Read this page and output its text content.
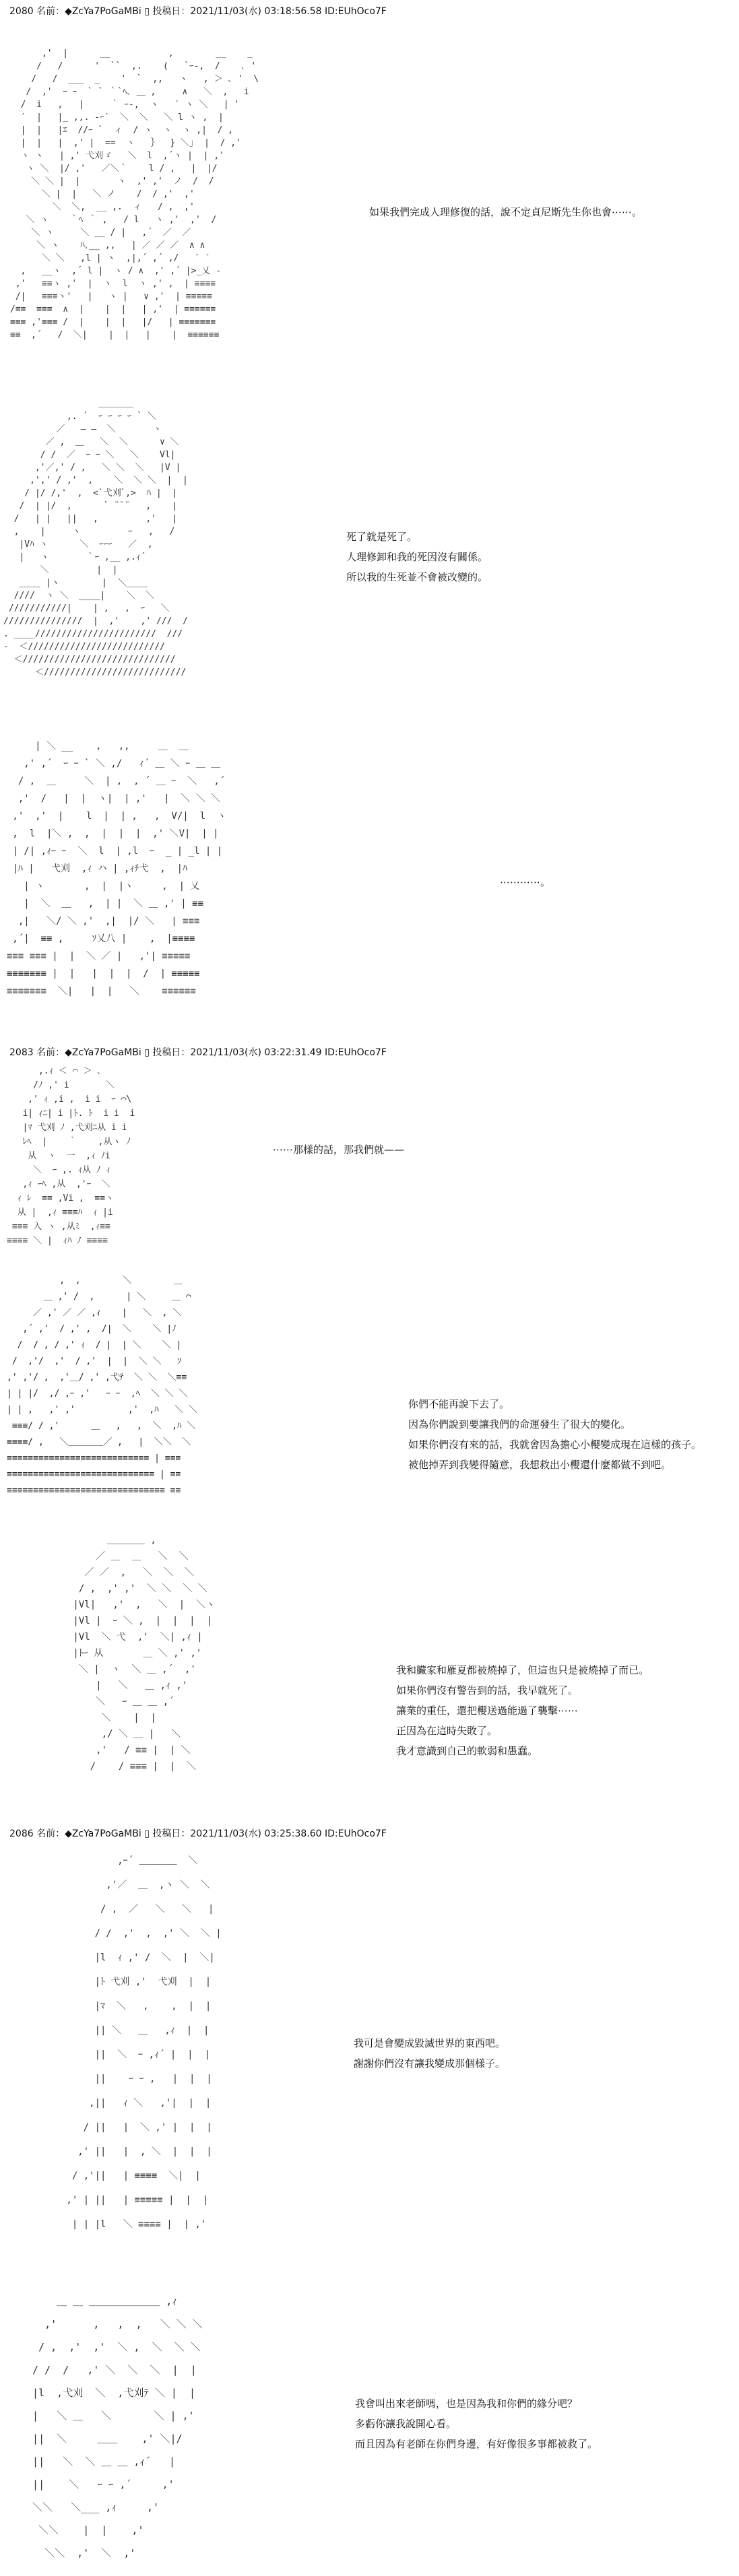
2080 名前：◆ZcYa7PoGaMBi ▯ 投稿日：2021/11/03(水) 03:18:56.58 ID:EUhOco7F
,'  |      __           ,        __    _
/   /      '  ``  ,.    (   `ｰ-,  /    ､ '
/   /  ___  _    '  `  ,,   ヽ   , ＞ ､ '  \
/  ,'  ｰ ｰ  ` ` ｀`ﾍ､ ＿ ,     ∧   ＼  ,   i
/  i   ,   |     ｀ ｰ-,  ヽ   ′ ヽ ＼   | '
′  |   |_ ,,. -ｰ′  ＼  ＼   ＼ l ヽ ,  |
|  |   |ｴ  //ｰ `  ィ  / ヽ  ヽ  ヽ ,|  / ,
|  |   |  ,' |  ==  ヽ   ｝  } ＼｣  |  / ,'
ヽ ヽ   | ,' 弋刈ゞ   ＼  l  ,´ヽ |  | ,'
ヽ ＼  |/ ,'   ／＼｀    l / ,   |  |/
＼ ＼ |  |       ヽ  ,' ,'  ノ  /  /
＼ |  |   ＼ ノ    /  / ,'  ,'
＼  ＼,  __ ,.  ィ   / ,  ,'
＼ ヽ    ｀ﾍ ｀ ,   / l   ヽ ,'  ,'  /
＼ ヽ     ＼ __ / |   ,´  ／  ／
＼ ヽ    ﾊ､__ ,,   | ／ ／ ／  ∧ ∧
＼ ＼   ,l | ヽ  ,|,´ ,´ ,/   ′ ′
,   __ヽ  ,´ l |  ヽ / ∧  ,' ,´ |>_乂 -
,'   ≡≡ヽ ,'  |  ヽ  l  ヽ ,' ,  | ≡≡≡≡
/|   ≡≡≡ヽ'   |   ヽ |   ∨ ,'  | ≡≡≡≡≡
/≡≡  ≡≡≡  ∧  |    |  |   | ,'  | ≡≡≡≡≡≡
≡≡≡ ,'≡≡≡ /  |    |  |   |/   | ≡≡≡≡≡≡≡
≡≡  ,´   /  ＼|    |  |   |    |  ≡≡≡≡≡≡
如果我們完成人理修復的話，說不定貞尼斯先生你也會⋯⋯。
＿＿＿＿
,. ´  ｰ ｰ ｰ ｰ ` ＼
／   ― ―  ＼       ヽ
／ ,  ＿   ＼  ＼      ∨ ＼
/ /  ／  ｰ ｰ ＼   ＼    Vl|
,'／,' / ,   ＼ ＼  ＼   |V |
,',' / ,'  ,    ＼  ＼ ＼  |  |
/ |/ /,'  ,  <`弋刈ﾞ,>  ﾊ |  |
/  | |/  ,      ` ¨¨¨   ,    |
/   | |   ||   ,         ,'   |
,    |     ヽ         ｰ   ,   /
|Vﾊ ヽ      ＼  ｰｰｰ   ／  ,
|   ヽ       ｀ｰ ,__ ,.ｨ´
＼         |  |
____ |ヽ        |  ＼____
////  ヽ ＼  ____|    ＼  ＼
///////////|    | ,   ,  ｰ   ＼
///////////////  |  ,'    ,' ///  /
. ____///////////////////////  ///
-  ＜//////////////////////////
＜/////////////////////////////
＜///////////////////////////
死了就是死了。
人理修卸和我的死因沒有關係。
所以我的生死並不會被改變的。
| ＼ __    ,   ,,     ＿  ＿
,' ,´  ｰ ｰ ` ＼ ,/   ｨ´ ＿ ＼ ｰ ＿ ＿
/ ,  ＿     ＼  | ,  , ´ ＿ ｰ  ＼   ,´
,'  /   |  |  ヽ|  | ,'   |  ＼ ＼ ＼
,'  ,'  |    l  |  | ,   ,  V/|  l  ヽ
,  l  |＼ ,  ,  |  |  |  ,' ＼V|  | |
| /| ,ｨｰ ｰ  ＼  l  | ,l  ｰ  _ | _l | |
|ﾊ |   弋刈  ,ｨ ハ | ,ｨﾁ弋  ,  |ﾊ
| ヽ       ,  |  |ヽ     ,  | 乂
|  ＼  ＿   ,  | |  ＼ ＿ ,' | ≡≡
,|   ＼/ ＼ ,'  ,|  |/ ＼   | ≡≡≡
,´|  ≡≡ ,     ｿ乂八 |    ,  |≡≡≡≡
≡≡≡ ≡≡≡ |  |  ＼ ／ |   ,'| ≡≡≡≡≡
≡≡≡≡≡≡≡ |  |   |  |  |  /  | ≡≡≡≡≡
≡≡≡≡≡≡≡  ＼|   |  |   ＼    ≡≡≡≡≡≡
⋯⋯⋯⋯。
2083 名前：◆ZcYa7PoGaMBi ▯ 投稿日：2021/11/03(水) 03:22:31.49 ID:EUhOco7F
,.ｨ ＜ ⌒ ＞ ､
/ﾉ ,' i       ＼
,' ｨ ,i ,  i i  ｰ ⌒\
i| ｨﾆ| i |ﾄ. ﾄ  i i  i
|ﾏ 弋刈 ﾉ ,弋刈ﾆ从 i i
ﾚﾍ  |    ｀    ,从ヽ ﾉ
从  ヽ  一  ,ｨ ﾉi
＼  ｰ ,. ｨ从 ﾉ ｨ
,ｨ ｰﾍ ,从  ,'ｰ  ＼
ｨ ﾚ  ≡≡ ,Vi ,  ≡≡ヽ
从 |  ,ｨ ≡≡≡ﾊ  ｨ |i
≡≡≡ 入 ヽ ,从ﾐ  ,ｨ≡≡
≡≡≡≡ ＼ |  ｨﾊ ﾉ ≡≡≡≡
⋯⋯那樣的話，那我們就——
,  ,        ＼        ＿
＿ ,' /  ,      | ＼     ＿ ⌒
／ ,' ／ ／ ,ｨ    |   ＼  , ＼
,´ ,'  / ,' ,  /|  ＼    ＼ |ﾉ
/  / , / ,' ｨ  / |  | ＼    ＼ |
/  ,'/  ,'  / ,'  |  |  ＼ ＼   ｿ
,' ,'/ ,  ,'＿/ ,' ,弋ﾃ  ＼ ＼  ＼≡≡
| | |/  ,/ ,ｰ ,'   ｰ ｰ  ,ﾍ  ＼ ＼ ＼
| | ,   ,' ,'          ,'  ,ﾊ   ＼ ＼
≡≡≡/ / ,'      ＿   ,   ,  ＼  ,ﾊ ＼
≡≡≡≡/ ,   ＼＿＿＿＿／ ,   |  ＼＼  ＼
≡≡≡≡≡≡≡≡≡≡≡≡≡≡≡≡≡≡≡≡≡≡≡≡≡≡≡ | ≡≡≡
≡≡≡≡≡≡≡≡≡≡≡≡≡≡≡≡≡≡≡≡≡≡≡≡≡≡≡≡ | ≡≡
≡≡≡≡≡≡≡≡≡≡≡≡≡≡≡≡≡≡≡≡≡≡≡≡≡≡≡≡≡≡ ≡≡
你們不能再說下去了。
因為你們說到要讓我們的命運發生了很大的變化。
如果你們沒有來的話，我就會因為擔心小櫻變成現在這樣的孩子。
被他掉弄到我變得隨意，我想救出小櫻還什麼都做不到吧。
＿＿＿＿ ,
／ ＿  ＿   ＼  ＼
／ ／  ,   ＼  ＼  ＼
/ ,  ,' ,'  ＼ ＼  ＼ ＼
|Vl|   ,'  ,   ＼  |  ＼ヽ
|Vl |  ｰ ＼ ,  |  |  |  |
|Vl  ＼ 弋  ,'  ＼| ,ｨ |
|ﾄｰ 从       ＿ ＼ ,' ,'
＼ |  ヽ  ＼ ＿ ,´  ,'
|   ＼   ＿ ,ｨ ,'
＼   ｰ ＿ ＿ ,´
＼    |  |
,/ ＼ ＿ |   ＼
,'   / ≡≡ |  | ＼
/    / ≡≡≡ |  |  ＼
我和臟家和雁夏都被燒掉了，但這也只是被燒掉了而已。
如果你們沒有警告到的話，我早就死了。
讓業的重任，還把櫻送過能過了襲擊⋯⋯
正因為在這時失敗了。
我才意識到自己的軟弱和愚蠢。
2086 名前：◆ZcYa7PoGaMBi ▯ 投稿日：2021/11/03(水) 03:25:38.60 ID:EUhOco7F
,ｰ´ ＿＿＿＿  ＼
,'／  ＿  ,ヽ ＼  ＼
/ ,  ／   ＼   ＼   |
/ /  ,'  ,  ,' ＼  ＼ |
|l  ｨ ,' /  ＼  |  ＼|
|ﾄ 弋刈 ,'  弋刈  |  |
|ﾏ  ＼   ,    ,  |  |
|| ＼   ＿   ,ｨ  |  |
||  ＼  ｰ ,ｨ´ |  |  |
||    ｰ ｰ ,   |  |  |
,||   ｨ ＼   ,'|  |  |
/ ||   |  ＼ ,' |  |  |
,' ||   |  , ＼  |  |  |
/ ,'||   | ≡≡≡≡  ＼|  |
,' | ||   | ≡≡≡≡≡ |  |  |
| | |l   ＼ ≡≡≡≡ |  | ,'
我可是會變成毀滅世界的東西吧。
謝謝你們沒有讓我變成那個樣子。
＿ ＿ ＿＿＿＿＿＿＿ ,ｨ
,'      ,   ,  ,   ＼ ＼ ＼
/ ,  ,'  ,'  ＼ ,  ＼  ＼ ＼
/ /  /   ,' ＼  ＼  ＼  |  |
|l  ,弋刈  ＼  ,弋刈ﾃ ＼ |  |
|   ＼ ＿   ＼       ＼ | ,'
||  ＼     ＿＿    ,' ＼|/
||   ＼  ＼ ＿ ＿ ,ｨ´   |
||    ＼   ｰ ｰ ,´     ,'
＼＼   ＼___ ,ｨ     ,'
＼＼    |  |    ,'
＼＼  ,'  ＼  ,'
我會叫出來老師嗎，也是因為我和你們的緣分吧？
多虧你讓我說開心看。
而且因為有老師在你們身邊，有好像很多事都被救了。
